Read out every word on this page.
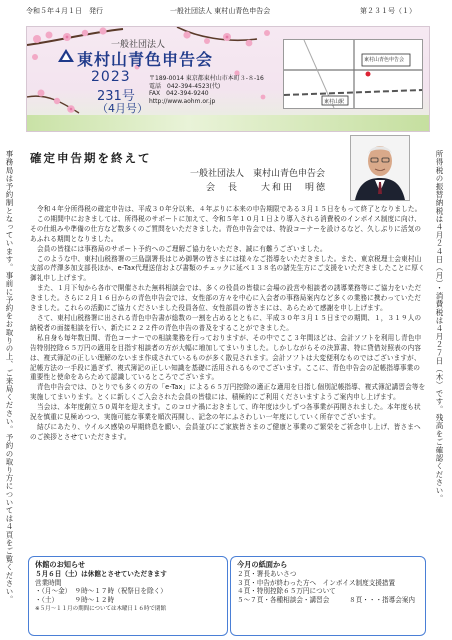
令和５年４月１日　発行	一般社団法人 東村山青色申告会	第２３１号（１）
一般社団法人
東村山青色申告会
2023
231号
（4月号）
〒189-0014 東京都東村山市本町３-８-16
電話　042-394-4523(代)
FAX　042-394-9240
http://www.aohm.or.jp
東村山青色申告会
東村山駅
事務局は予約制となっています。事前に予約をお取りの上、ご来局ください。予約の取り方については４頁をご覧ください。	所得税の振替納税は４月２４日（月）・消費税は４月２７日（木）です。残高をご確認ください。
確定申告期を終えて
一般社団法人　東村山青色申告会
会　長　　大和田　明徳

令和４年分所得税の確定申告は、平成３０年分以来、４年ぶりに本来の申告期限である３月１５日をもって終了となりました。

この期間中におきましては、所得税のサポートに加えて、令和５年１０月１日より導入される消費税のインボイス制度に向け、その仕組みや準備の仕方など数多くのご質問をいただきました。青色申告会では、特設コーナーを設けるなど、久しぶりに活気のあふれる期間となりました。

会員の皆様には事務局のサポート予約へのご理解ご協力をいただき、誠に有難うございました。

このような中、東村山税務署の三島副署長はじめ御署の皆さまには様々なご指導をいただきました。また、東京税理士会東村山支部の芹澤多加支部長ほか、e-Tax代理送信および書類のチェックに延べ１３８名の諸先生方にご支援をいただきましたことに厚く御礼申し上げます。

また、１月下旬から各市で開催された無料相談会では、多くの役員の皆様に会場の設営や相談者の誘導業務等にご協力をいただきました。さらに２月１６日からの青色申告会では、女性部の方々を中心に入会者の事務局案内など多くの業務に携わっていただきました。これらの活動にご協力くださいました役員各位、女性部員の皆さまには、あらためて感謝を申し上げます。

さて、東村山税務署に出される青色申告書が総数の一割を占めるとともに、平成３０年３月１５日までの期間、１，３１９人の納税者の面接相談を行い、新たに２２２件の青色申告の普及をすることができました。

私自身も毎年数日間、青色コーナーでの相談業務を行っておりますが、その中でここ３年間ほどは、会計ソフトを利用し青色申告特別控除６５万円の適用を目指す相談者の方が大幅に増加してまいりました。しかしながらその決算書、特に貸借対照表の内容は、複式簿記の正しい理解のないまま作成されているものが多く散見されます。会計ソフトは大変便利なものではございますが、記帳方法の一手段に過ぎず、複式簿記の正しい知識を基礎に活用されるものでございます。ここに、青色申告会の記帳指導事業の重要性と使命をあらためて認識しているところでございます。

青色申告会では、ひとりでも多くの方の「e-Tax」による６５万円控除の適正な適用を目指し個別記帳指導、複式簿記講習会等を実施してまいります。とくに新しくご入会された会員の皆様には、積極的にご利用くださいますようご案内申し上げます。

当会は、本年度創立５０周年を迎えます。このコロナ禍におきまして、昨年度は少しずつ各事業が再開されました。本年度も状況を慎重に見極めつつ、実施可能な事業を順次再開し、記念の年にふさわしい一年度にしていく所存でございます。

結びにあたり、ウイルス感染の早期終息を願い、会員並びにご家族皆さまのご健康と事業のご繁栄をご祈念申し上げ、皆さまへのご挨拶とさせていただきます。

休館のお知らせ
５月６日（土）は休館とさせていただきます
営業時間
・（月〜金）　９時〜１７時（祝祭日を除く）
・（土）　　　９時〜１２時
※５月〜１１月の期間については木曜日１６時で閉館
今月の紙面から
２頁・署長あいさつ
３頁・申告が終わった方へ　インボイス制度支援措置
４頁・特別控除６５万円について
５〜７頁・各種相談会・講習会　　　８頁・・・指導会案内
